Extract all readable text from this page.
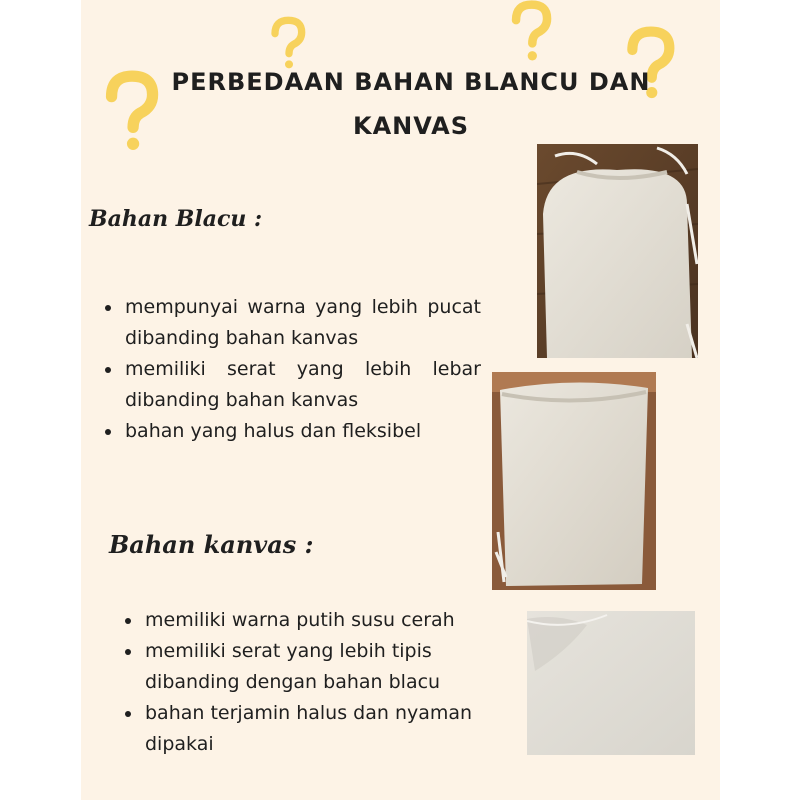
PERBEDAAN BAHAN BLANCU DAN KANVAS
Bahan Blacu :
mempunyai warna yang lebih pucat dibanding bahan kanvas
memiliki serat yang lebih lebar dibanding bahan kanvas
bahan yang halus dan fleksibel
Bahan kanvas :
memiliki warna putih susu cerah
memiliki serat yang lebih tipis dibanding dengan bahan blacu
bahan terjamin halus dan nyaman dipakai
